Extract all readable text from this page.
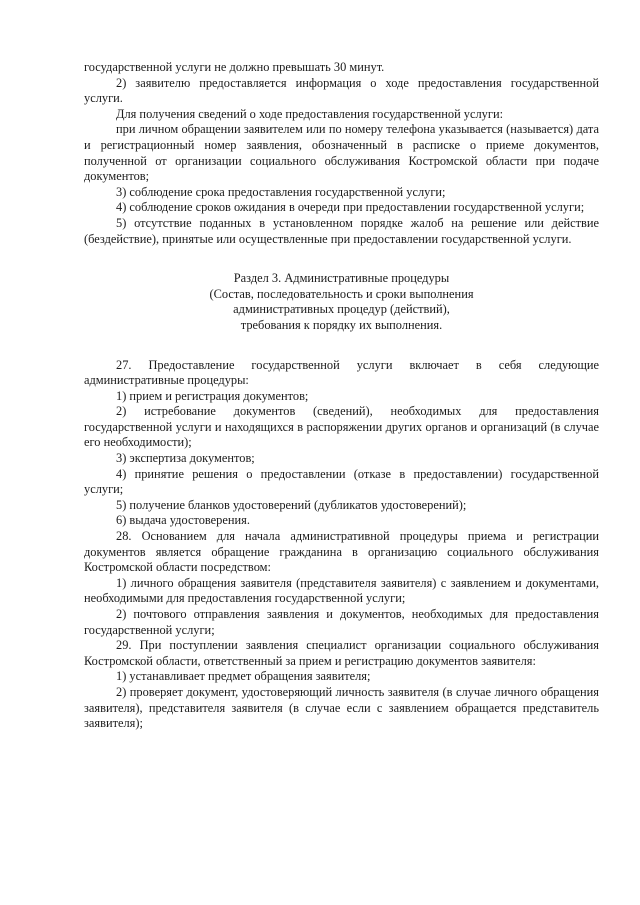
государственной услуги не должно превышать 30 минут.

2) заявителю предоставляется информация о ходе предоставления государственной услуги.

Для получения сведений о ходе предоставления государственной услуги:

при личном обращении заявителем или по номеру телефона указывается (называется) дата и регистрационный номер заявления, обозначенный в расписке о приеме документов, полученной от организации социального обслуживания Костромской области при подаче документов;

3) соблюдение срока предоставления государственной услуги;

4) соблюдение сроков ожидания в очереди при предоставлении государственной услуги;

5) отсутствие поданных в установленном порядке жалоб на решение или действие (бездействие), принятые или осуществленные при предоставлении государственной услуги.

Раздел 3. Административные процедуры
(Состав, последовательность и сроки выполнения
административных процедур (действий),
требования к порядку их выполнения.

27. Предоставление государственной услуги включает в себя следующие административные процедуры:

1) прием и регистрация документов;

2) истребование документов (сведений), необходимых для предоставления государственной услуги и находящихся в распоряжении других органов и организаций (в случае его необходимости);

3) экспертиза документов;

4) принятие решения о предоставлении (отказе в предоставлении) государственной услуги;

5) получение бланков удостоверений (дубликатов удостоверений);

6) выдача удостоверения.

28. Основанием для начала административной процедуры приема и регистрации документов является обращение гражданина в организацию социального обслуживания Костромской области посредством:

1) личного обращения заявителя (представителя заявителя) с заявлением и документами, необходимыми для предоставления государственной услуги;

2) почтового отправления заявления и документов, необходимых для предоставления государственной услуги;

29. При поступлении заявления специалист организации социального обслуживания Костромской области, ответственный за прием и регистрацию документов заявителя:

1) устанавливает предмет обращения заявителя;

2) проверяет документ, удостоверяющий личность заявителя (в случае личного обращения заявителя), представителя заявителя (в случае если с заявлением обращается представитель заявителя);
